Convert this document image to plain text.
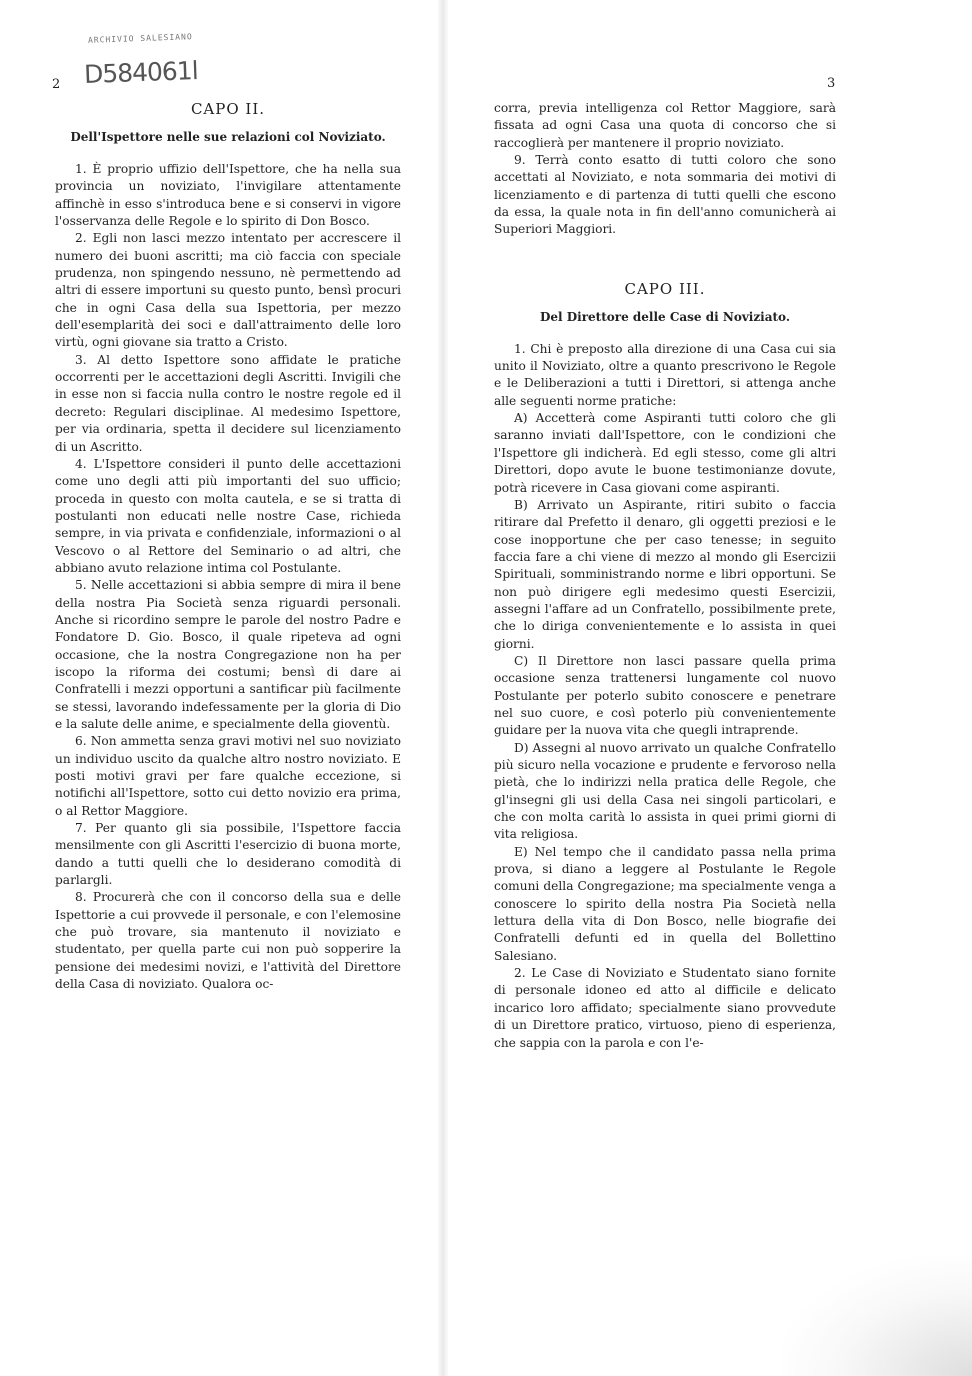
ARCHIVIO SALESIANO
D584061l
2
CAPO II.
Dell'Ispettore nelle sue relazioni col Noviziato.

1. È proprio uffizio dell'Ispettore, che ha nella sua provincia un noviziato, l'invigilare attentamente affinchè in esso s'introduca bene e si conservi in vigore l'osservanza delle Regole e lo spirito di Don Bosco.

2. Egli non lasci mezzo intentato per accrescere il numero dei buoni ascritti; ma ciò faccia con speciale prudenza, non spingendo nessuno, nè permettendo ad altri di essere importuni su questo punto, bensì procuri che in ogni Casa della sua Ispettoria, per mezzo dell'esemplarità dei soci e dall'attraimento delle loro virtù, ogni giovane sia tratto a Cristo.

3. Al detto Ispettore sono affidate le pratiche occorrenti per le accettazioni degli Ascritti. Invigili che in esse non si faccia nulla contro le nostre regole ed il decreto: Regulari disciplinae. Al medesimo Ispettore, per via ordinaria, spetta il decidere sul licenziamento di un Ascritto.

4. L'Ispettore consideri il punto delle accettazioni come uno degli atti più importanti del suo ufficio; proceda in questo con molta cautela, e se si tratta di postulanti non educati nelle nostre Case, richieda sempre, in via privata e confidenziale, informazioni o al Vescovo o al Rettore del Seminario o ad altri, che abbiano avuto relazione intima col Postulante.

5. Nelle accettazioni si abbia sempre di mira il bene della nostra Pia Società senza riguardi personali. Anche si ricordino sempre le parole del nostro Padre e Fondatore D. Gio. Bosco, il quale ripeteva ad ogni occasione, che la nostra Congregazione non ha per iscopo la riforma dei costumi; bensì di dare ai Confratelli i mezzi opportuni a santificar più facilmente se stessi, lavorando indefessamente per la gloria di Dio e la salute delle anime, e specialmente della gioventù.

6. Non ammetta senza gravi motivi nel suo noviziato un individuo uscito da qualche altro nostro noviziato. E posti motivi gravi per fare qualche eccezione, si notifichi all'Ispettore, sotto cui detto novizio era prima, o al Rettor Maggiore.

7. Per quanto gli sia possibile, l'Ispettore faccia mensilmente con gli Ascritti l'esercizio di buona morte, dando a tutti quelli che lo desiderano comodità di parlargli.

8. Procurerà che con il concorso della sua e delle Ispettorie a cui provvede il personale, e con l'elemosine che può trovare, sia mantenuto il noviziato e studentato, per quella parte cui non può sopperire la pensione dei medesimi novizi, e l'attività del Direttore della Casa di noviziato. Qualora oc-

3

corra, previa intelligenza col Rettor Maggiore, sarà fissata ad ogni Casa una quota di concorso che si raccoglierà per mantenere il proprio noviziato.

9. Terrà conto esatto di tutti coloro che sono accettati al Noviziato, e nota sommaria dei motivi di licenziamento e di partenza di tutti quelli che escono da essa, la quale nota in fin dell'anno comunicherà ai Superiori Maggiori.

CAPO III.
Del Direttore delle Case di Noviziato.

1. Chi è preposto alla direzione di una Casa cui sia unito il Noviziato, oltre a quanto prescrivono le Regole e le Deliberazioni a tutti i Direttori, si attenga anche alle seguenti norme pratiche:

A) Accetterà come Aspiranti tutti coloro che gli saranno inviati dall'Ispettore, con le condizioni che l'Ispettore gli indicherà. Ed egli stesso, come gli altri Direttori, dopo avute le buone testimonianze dovute, potrà ricevere in Casa giovani come aspiranti.

B) Arrivato un Aspirante, ritiri subito o faccia ritirare dal Prefetto il denaro, gli oggetti preziosi e le cose inopportune che per caso tenesse; in seguito faccia fare a chi viene di mezzo al mondo gli Esercizii Spirituali, somministrando norme e libri opportuni. Se non può dirigere egli medesimo questi Esercizii, assegni l'affare ad un Confratello, possibilmente prete, che lo diriga convenientemente e lo assista in quei giorni.

C) Il Direttore non lasci passare quella prima occasione senza trattenersi lungamente col nuovo Postulante per poterlo subito conoscere e penetrare nel suo cuore, e così poterlo più convenientemente guidare per la nuova vita che quegli intraprende.

D) Assegni al nuovo arrivato un qualche Confratello più sicuro nella vocazione e prudente e fervoroso nella pietà, che lo indirizzi nella pratica delle Regole, che gl'insegni gli usi della Casa nei singoli particolari, e che con molta carità lo assista in quei primi giorni di vita religiosa.

E) Nel tempo che il candidato passa nella prima prova, si diano a leggere al Postulante le Regole comuni della Congregazione; ma specialmente venga a conoscere lo spirito della nostra Pia Società nella lettura della vita di Don Bosco, nelle biografie dei Confratelli defunti ed in quella del Bollettino Salesiano.

2. Le Case di Noviziato e Studentato siano fornite di personale idoneo ed atto al difficile e delicato incarico loro affidato; specialmente siano provvedute di un Direttore pratico, virtuoso, pieno di esperienza, che sappia con la parola e con l'e-
